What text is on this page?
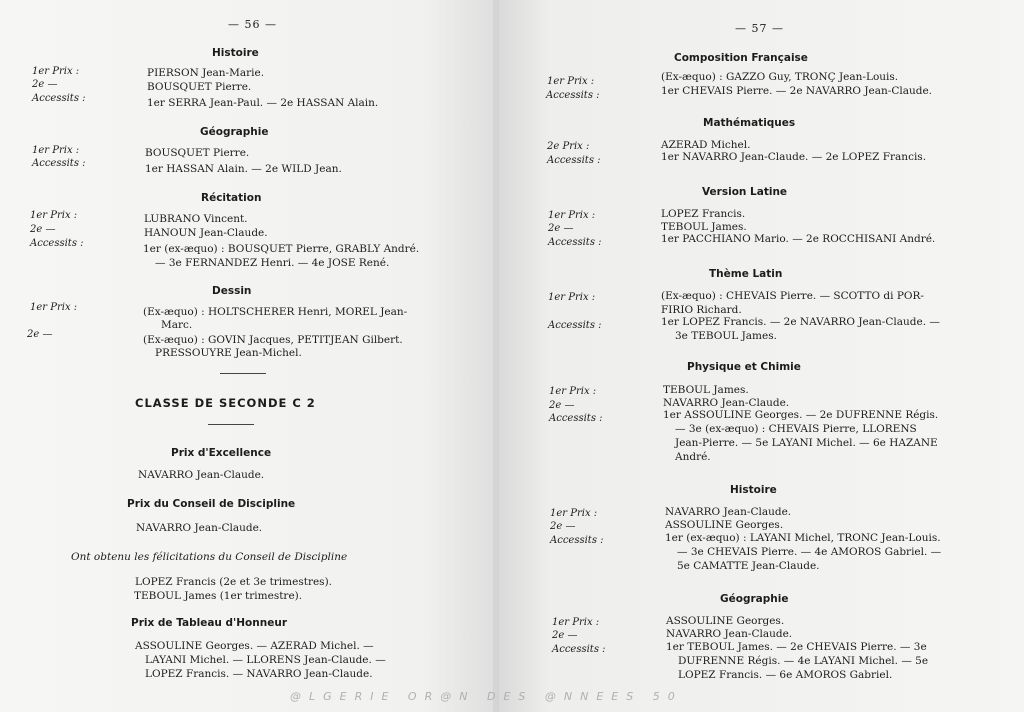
— 56 —
Histoire
1er Prix :	PIERSON Jean-Marie.
2e —	BOUSQUET Pierre.
Accessits :	1er SERRA Jean-Paul. — 2e HASSAN Alain.
Géographie
1er Prix :	BOUSQUET Pierre.
Accessits :	1er HASSAN Alain. — 2e WILD Jean.
Récitation
1er Prix :	LUBRANO Vincent.
2e —	HANOUN Jean-Claude.
Accessits :	1er (ex-æquo) : BOUSQUET Pierre, GRABLY André.
— 3e FERNANDEZ Henri. — 4e JOSE René.
Dessin
1er Prix :	(Ex-æquo) : HOLTSCHERER Henri, MOREL Jean-
Marc.
2e —	(Ex-æquo) : GOVIN Jacques, PETITJEAN Gilbert.
PRESSOUYRE Jean-Michel.
CLASSE DE SECONDE C 2
Prix d'Excellence
NAVARRO Jean-Claude.
Prix du Conseil de Discipline
NAVARRO Jean-Claude.
Ont obtenu les félicitations du Conseil de Discipline
LOPEZ Francis (2e et 3e trimestres).
TEBOUL James (1er trimestre).
Prix de Tableau d'Honneur
ASSOULINE Georges. — AZERAD Michel. —
LAYANI Michel. — LLORENS Jean-Claude. —
LOPEZ Francis. — NAVARRO Jean-Claude.
— 57 —
Composition Française
1er Prix :	(Ex-æquo) : GAZZO Guy, TRONÇ Jean-Louis.
Accessits :	1er CHEVAIS Pierre. — 2e NAVARRO Jean-Claude.
Mathématiques
2e Prix :	AZERAD Michel.
Accessits :	1er NAVARRO Jean-Claude. — 2e LOPEZ Francis.
Version Latine
1er Prix :	LOPEZ Francis.
2e —	TEBOUL James.
Accessits :	1er PACCHIANO Mario. — 2e ROCCHISANI André.
Thème Latin
1er Prix :	(Ex-æquo) : CHEVAIS Pierre. — SCOTTO di POR-
FIRIO Richard.
Accessits :	1er LOPEZ Francis. — 2e NAVARRO Jean-Claude. —
3e TEBOUL James.
Physique et Chimie
1er Prix :	TEBOUL James.
2e —	NAVARRO Jean-Claude.
Accessits :	1er ASSOULINE Georges. — 2e DUFRENNE Régis.
— 3e (ex-æquo) : CHEVAIS Pierre, LLORENS
Jean-Pierre. — 5e LAYANI Michel. — 6e HAZANE
André.
Histoire
1er Prix :	NAVARRO Jean-Claude.
2e —	ASSOULINE Georges.
Accessits :	1er (ex-æquo) : LAYANI Michel, TRONC Jean-Louis.
— 3e CHEVAIS Pierre. — 4e AMOROS Gabriel. —
5e CAMATTE Jean-Claude.
Géographie
1er Prix :	ASSOULINE Georges.
2e —	NAVARRO Jean-Claude.
Accessits :	1er TEBOUL James. — 2e CHEVAIS Pierre. — 3e
DUFRENNE Régis. — 4e LAYANI Michel. — 5e
LOPEZ Francis. — 6e AMOROS Gabriel.
@LGERIE OR@N DES @NNEES 50
